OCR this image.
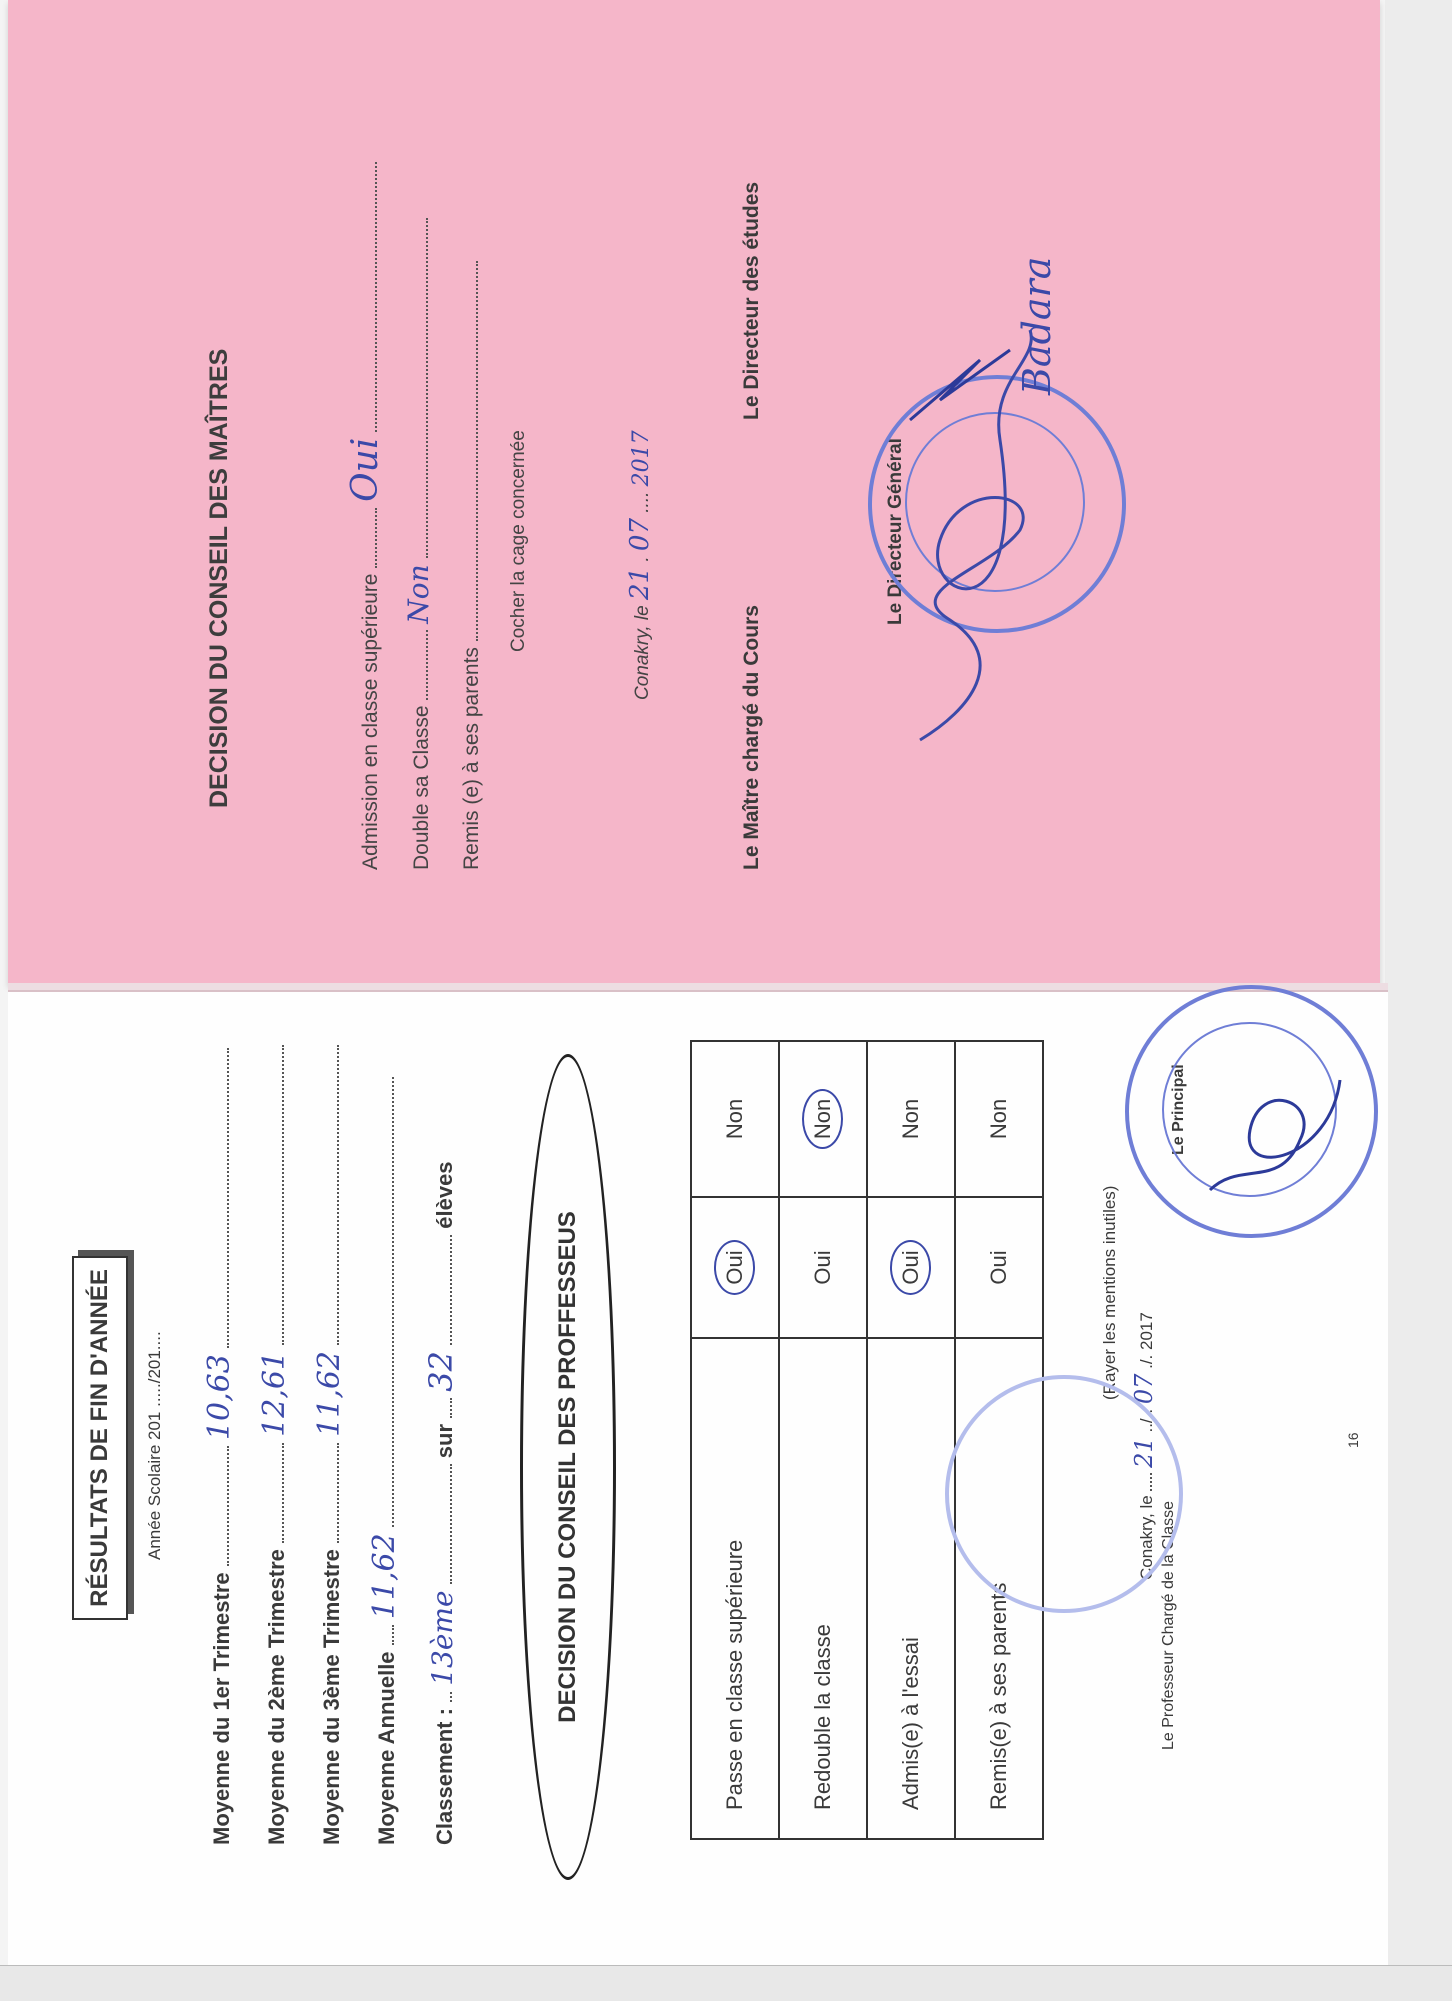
DECISION DU CONSEIL DES MAÎTRES	Admission en classe supérieure  Oui
Double sa Classe  Non
Remis (e) à ses parents
Cocher la cage concernée
Conakry, le 21 . 07 .... 2017
Le Maître chargé du Cours
Le Directeur Général
Le Directeur des études	Badara
RÉSULTATS DE FIN D'ANNÉE	Année Scolaire 201 ...../201....
Moyenne du 1er Trimestre  10,63
Moyenne du 2ème Trimestre  12,61
Moyenne du 3ème Trimestre  11,62
Moyenne Annuelle  11,62
Classement :  13ème  sur  32  élèves
DECISION DU CONSEIL DES PROFFESSEUS	Passe en classe supérieure	Oui	Non
Redouble la classe	Oui	Non
Admis(e) à l'essai	Oui	Non
Remis(e) à ses parents	Oui	Non
(Rayer les mentions inutiles)
Conakry, le  21 ../.. 07 ./. 2017
Le Professeur Chargé de la Classe
Le Principal
16
